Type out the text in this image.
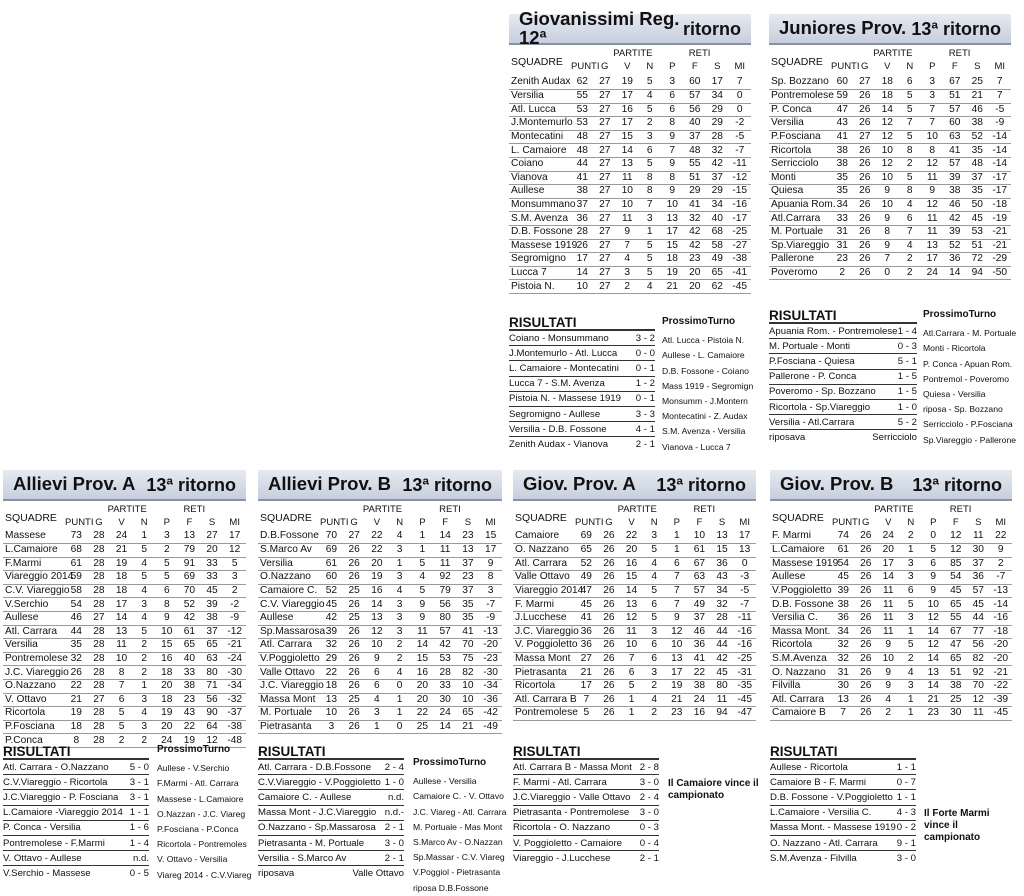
Giovanissimi Reg. 12ª	ritorno
PARTITE	RETI
SQUADRE PUNTI G	V	N	P	F	S	MI
Zenith Audax	62	27	19	5	3	60	17	7
Versilia	55	27	17	4	6	57	34	0
Atl. Lucca	53	27	16	5	6	56	29	0
J.Montemurlo	53	27	17	2	8	40	29	-2
Montecatini	48	27	15	3	9	37	28	-5
L. Camaiore	48	27	14	6	7	48	32	-7
Coiano	44	27	13	5	9	55	42	-11
Vianova	41	27	11	8	8	51	37	-12
Aullese	38	27	10	8	9	29	29	-15
Monsummano	37	27	10	7	10	41	34	-16
S.M. Avenza	36	27	11	3	13	32	40	-17
D.B. Fossone	28	27	9	1	17	42	68	-25
Massese 1919	26	27	7	5	15	42	58	-27
Segromigno	17	27	4	5	18	23	49	-38
Lucca 7	14	27	3	5	19	20	65	-41
Pistoia N.	10	27	2	4	21	20	62	-45
RISULTATI
Coiano - Monsummano	3 - 2
J.Montemurlo - Atl. Lucca 0 - 0
L. Camaiore - Montecatini 0 - 1
Lucca 7 - S.M. Avenza	1 - 2
Pistoia N. - Massese 1919 0 - 1
Segromigno - Aullese	3 - 3
Versilia - D.B. Fossone	4 - 1
Zenith Audax - Vianova	2 - 1
ProssimoTurno
Atl. Lucca - Pistoia N.
Aullese - L. Camaiore
D.B. Fossone - Coiano
Mass 1919 - Segromign
Monsumm - J.Montern
Montecatini - Z. Audax
S.M. Avenza - Versilia
Vianova - Lucca 7
Juniores Prov. 13ª ritorno
PARTITE	RETI
SQUADRE PUNTI G	V	N	P	F	S	MI
Sp. Bozzano	60	27	18	6	3	67	25	7
Pontremolese	59	26	18	5	3	51	21	7
P. Conca	47	26	14	5	7	57	46	-5
Versilia	43	26	12	7	7	60	38	-9
P.Fosciana	41	27	12	5	10	63	52	-14
Ricortola	38	26	10	8	8	41	35	-14
Serricciolo	38	26	12	2	12	57	48	-14
Monti	35	26	10	5	11	39	37	-17
Quiesa	35	26	9	8	9	38	35	-17
Apuania Rom.	34	26	10	4	12	46	50	-18
Atl.Carrara	33	26	9	6	11	42	45	-19
M. Portuale	31	26	8	7	11	39	53	-21
Sp.Viareggio	31	26	9	4	13	52	51	-21
Pallerone	23	26	7	2	17	36	72	-29
Poveromo	2	26	0	2	24	14	94	-50
RISULTATI
Apuania Rom. - Pontremolese 1 - 4
M. Portuale - Monti	0 - 3
P.Fosciana - Quiesa	5 - 1
Pallerone - P. Conca	1 - 5
Poveromo - Sp. Bozzano 1 - 5
Ricortola - Sp.Viareggio	1 - 0
Versilia - Atl.Carrara	5 - 2
riposava	Serricciolo
ProssimoTurno
Atl.Carrara - M. Portuale
Monti - Ricortola
P. Conca - Apuan Rom.
Pontremol - Poveromo
Quiesa - Versilia
riposa - Sp. Bozzano
Serricciolo - P.Fosciana
Sp.Viareggio - Pallerone
Allievi Prov. A 13ª ritorno
PARTITE	RETI
SQUADRE PUNTI G	V	N	P	F	S	MI
Massese	73	28	24	1	3	13	27	17
L.Camaiore	68	28	21	5	2	79	20	12
F.Marmi	61	28	19	4	5	91	33	5
Viareggio 2014	59	28	18	5	5	69	33	3
C.V. Viareggio	58	28	18	4	6	70	45	2
V.Serchio	54	28	17	3	8	52	39	-2
Aullese	46	27	14	4	9	42	38	-9
Atl. Carrara	44	28	13	5	10	61	37	-12
Versilia	35	28	11	2	15	65	65	-21
Pontremolese	32	28	10	2	16	40	63	-24
J.C. Viareggio	26	28	8	2	18	33	80	-30
O.Nazzano	22	28	7	1	20	38	71	-34
V. Ottavo	21	27	6	3	18	23	56	-32
Ricortola	19	28	5	4	19	43	90	-37
P.Fosciana	18	28	5	3	20	22	64	-38
P.Conca	8	28	2	2	24	19	12	-48
RISULTATI
Atl. Carrara - O.Nazzano 5 - 0
C.V.Viareggio - Ricortola 3 - 1
J.C.Viareggio - P. Fosciana 3 - 1
L.Camaiore -Viareggio 2014 1 - 1
P. Conca - Versilia	1 - 6
Pontremolese - F.Marmi	1 - 4
V. Ottavo - Aullese	n.d.
V.Serchio - Massese	0 - 5
ProssimoTurno
Aullese - V.Serchio
F.Marmi - Atl. Carrara
Massese - L.Camaiore
O.Nazzan - J.C. Viareg
P.Fosciana - P.Conca
Ricortola - Pontremoles
V. Ottavo - Versilia
Viareg 2014 - C.V.Viareg
Allievi Prov. B 13ª ritorno
PARTITE	RETI
SQUADRE PUNTI G	V	N	P	F	S	MI
D.B.Fossone	70	27	22	4	1	14	23	15
S.Marco Av	69	26	22	3	1	11	13	17
Versilia	61	26	20	1	5	11	37	9
O.Nazzano	60	26	19	3	4	92	23	8
Camaiore C.	52	25	16	4	5	79	37	3
C.V. Viareggio	45	26	14	3	9	56	35	-7
Aullese	42	25	13	3	9	80	35	-9
Sp.Massarosa	39	26	12	3	11	57	41	-13
Atl. Carrara	32	26	10	2	14	42	70	-20
V.Poggioletto	29	26	9	2	15	53	75	-23
Valle Ottavo	22	26	6	4	16	28	82	-30
J.C. Viareggio	18	26	6	0	20	33	10	-34
Massa Mont	13	25	4	1	20	30	10	-36
M. Portuale	10	26	3	1	22	24	65	-42
Pietrasanta	3	26	1	0	25	14	21	-49
RISULTATI
Atl. Carrara - D.B.Fossone 2 - 4
C.V.Viareggio - V.Poggioletto 1 - 0
Camaiore C. - Aullese	n.d.
Massa Mont - J.C.Viareggio n.d.-
O.Nazzano - Sp.Massarosa 2 - 1
Pietrasanta - M. Portuale 3 - 0
Versilia - S.Marco Av	2 - 1
riposava	Valle Ottavo
ProssimoTurno
Aullese - Versilia
Camaiore C. - V. Ottavo
J.C. Viareg - Atl. Carrara
M. Portuale - Mas Mont
S.Marco Av - O.Nazzan
Sp.Massar - C.V. Viareg
V.Poggiol - Pietrasanta
riposa D.B.Fossone
Giov. Prov. A 13ª ritorno
PARTITE	RETI
SQUADRE PUNTI G	V	N	P	F	S	MI
Camaiore	69	26	22	3	1	10	13	17
O. Nazzano	65	26	20	5	1	61	15	13
Atl. Carrara	52	26	16	4	6	67	36	0
Valle Ottavo	49	26	15	4	7	63	43	-3
Viareggio 2014	47	26	14	5	7	57	34	-5
F. Marmi	45	26	13	6	7	49	32	-7
J.Lucchese	41	26	12	5	9	37	28	-11
J.C. Viareggio	36	26	11	3	12	46	44	-16
V. Poggioletto	36	26	10	6	10	36	44	-16
Massa Mont	27	26	7	6	13	41	42	-25
Pietrasanta	21	26	6	3	17	22	45	-31
Ricortola	17	26	5	2	19	38	80	-35
Atl. Carrara B	7	26	1	4	21	24	11	-45
Pontremolese	5	26	1	2	23	16	94	-47
RISULTATI
Atl. Carrara B - Massa Mont 2 - 8
F. Marmi - Atl. Carrara	3 - 0
J.C.Viareggio - Valle Ottavo 2 - 4
Pietrasanta - Pontremolese 3 - 0
Ricortola - O. Nazzano	0 - 3
V. Poggioletto - Camaiore 0 - 4
Viareggio - J.Lucchese	2 - 1
Il Camaiore vince il campionato
Giov. Prov. B 13ª ritorno
PARTITE	RETI
SQUADRE PUNTI G	V	N	P	F	S	MI
F. Marmi	74	26	24	2	0	12	11	22
L.Camaiore	61	26	20	1	5	12	30	9
Massese 1919	54	26	17	3	6	85	37	2
Aullese	45	26	14	3	9	54	36	-7
V.Poggioletto	39	26	11	6	9	45	57	-13
D.B. Fossone	38	26	11	5	10	65	45	-14
Versilia C.	36	26	11	3	12	55	44	-16
Massa Mont.	34	26	11	1	14	67	77	-18
Ricortola	32	26	9	5	12	47	56	-20
S.M.Avenza	32	26	10	2	14	65	82	-20
O. Nazzano	31	26	9	4	13	51	92	-21
Filvilla	30	26	9	3	14	38	70	-22
Atl. Carrara	13	26	4	1	21	25	12	-39
Camaiore B	7	26	2	1	23	30	11	-45
RISULTATI
Aullese - Ricortola	1 - 1
Camaiore B - F. Marmi	0 - 7
D.B. Fossone - V.Poggioletto 1 - 1
L.Camaiore - Versilia C.	4 - 3
Massa Mont. - Massese 1919 0 - 2
O. Nazzano - Atl. Carrara 9 - 1
S.M.Avenza - Filvilla	3 - 0
Il Forte Marmi vince il campionato
